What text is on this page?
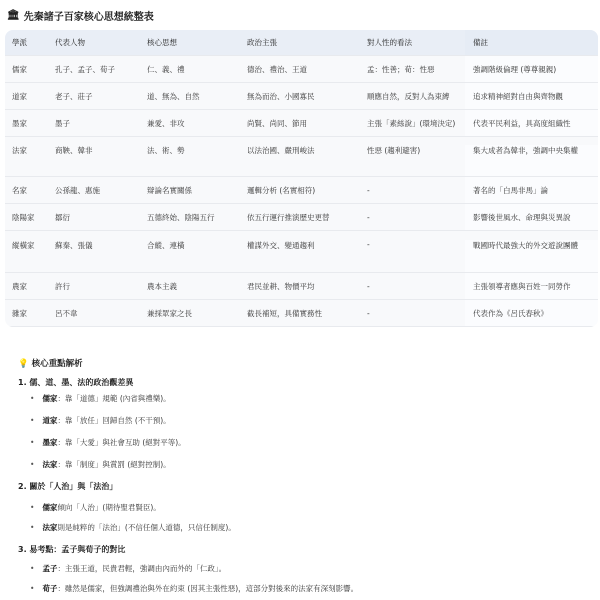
🏛 先秦諸子百家核心思想統整表
學派	代表人物	核心思想	政治主張	對人性的看法	備註
儒家	孔子、孟子、荀子	仁、義、禮	德治、禮治、王道	孟：性善；荀：性惡	強調階級倫理 (尊尊親親)
道家	老子、莊子	道、無為、自然	無為而治、小國寡民	順應自然，反對人為束縛	追求精神絕對自由與齊物觀
墨家	墨子	兼愛、非攻	尚賢、尚同、節用	主張「素絲說」(環境決定)	代表平民利益，具高度組織性
法家	商鞅、韓非	法、術、勢	以法治國、嚴刑峻法	性惡 (趨利避害)	集大成者為韓非，強調中央集權
名家	公孫龍、惠施	辯論名實關係	邏輯分析 (名實相符)	-	著名的「白馬非馬」論
陰陽家	鄒衍	五德終始、陰陽五行	依五行運行推演歷史更替	-	影響後世風水、命理與災異說
縱橫家	蘇秦、張儀	合縱、連橫	權謀外交、變通趨利	-	戰國時代最強大的外交遊說團體
農家	許行	農本主義	君民並耕、物價平均	-	主張領導者應與百姓一同勞作
雜家	呂不韋	兼採眾家之長	截長補短，具備實務性	-	代表作為《呂氏春秋》
💡 核心重點解析
1. 儒、道、墨、法的政治觀差異
• 儒家：靠「道德」規範 (內省與禮樂)。
• 道家：靠「放任」回歸自然 (不干預)。
• 墨家：靠「大愛」與社會互助 (絕對平等)。
• 法家：靠「制度」與賞罰 (絕對控制)。
2. 關於「人治」與「法治」
• 儒家傾向「人治」(期待聖君賢臣)。
• 法家則是純粹的「法治」(不信任個人道德，只信任制度)。
3. 易考點：孟子與荀子的對比
• 孟子：主張王道，民貴君輕，強調由內而外的「仁政」。
• 荀子：雖然是儒家，但強調禮治與外在約束 (因其主張性惡)，這部分對後來的法家有深刻影響。
